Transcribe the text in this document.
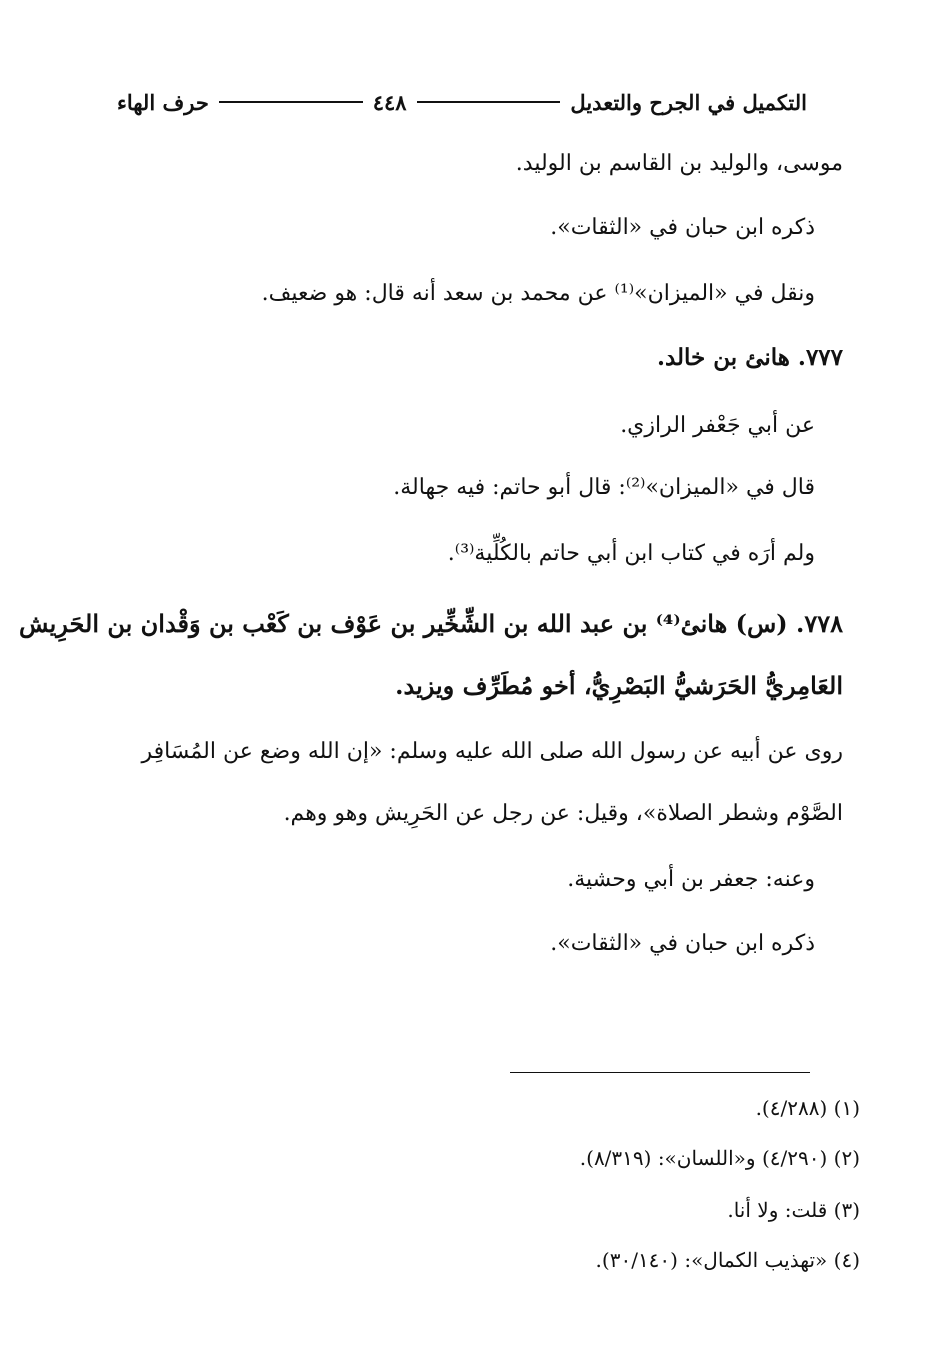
التكميل في الجرح والتعديل
٤٤٨
حرف الهاء
موسى، والوليد بن القاسم بن الوليد.
ذكره ابن حبان في «الثقات».
ونقل في «الميزان»⁽¹⁾ عن محمد بن سعد أنه قال: هو ضعيف.
٧٧٧. هانئ بن خالد.
عن أبي جَعْفر الرازي.
قال في «الميزان»⁽²⁾: قال أبو حاتم: فيه جهالة.
ولم أرَه في كتاب ابن أبي حاتم بالكُلِّية⁽³⁾.
٧٧٨. (س) هانئ⁽⁴⁾ بن عبد الله بن الشِّخِّير بن عَوْف بن كَعْب بن وَقْدان بن الحَرِيش
العَامِريُّ الحَرَشيُّ البَصْرِيُّ، أخو مُطَرِّف ويزيد.
روى عن أبيه عن رسول الله صلى الله عليه وسلم: «إن الله وضع عن المُسَافِر
الصَّوْم وشطر الصلاة»، وقيل: عن رجل عن الحَرِيش وهو وهم.
وعنه: جعفر بن أبي وحشية.
ذكره ابن حبان في «الثقات».
(١) (٤/٢٨٨).
(٢) (٤/٢٩٠) و«اللسان»: (٨/٣١٩).
(٣) قلت: ولا أنا.
(٤) «تهذيب الكمال»: (٣٠/١٤٠).
